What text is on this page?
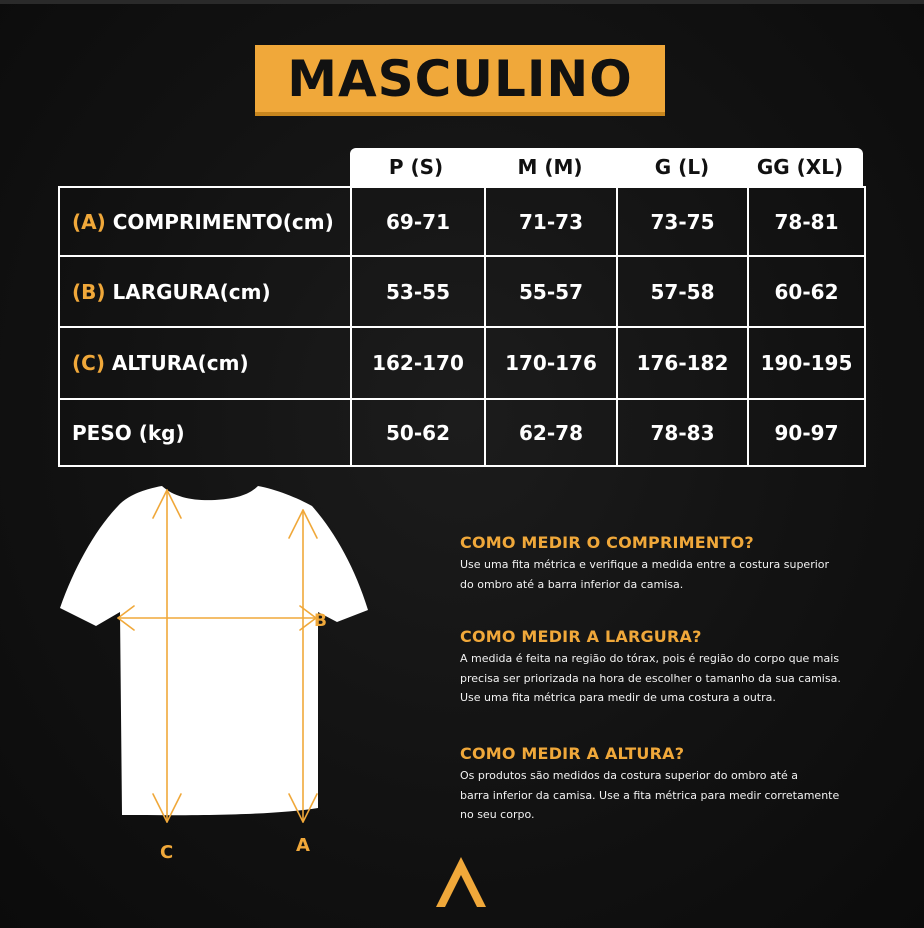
MASCULINO
P (S)	M (M)	G (L)	GG (XL)
(A) COMPRIMENTO(cm)	69-71	71-73	73-75	78-81
(B) LARGURA(cm)	53-55	55-57	57-58	60-62
(C) ALTURA(cm)	162-170	170-176	176-182	190-195
PESO (kg)	50-62	62-78	78-83	90-97
B
A
C
COMO MEDIR O COMPRIMENTO?

Use uma fita métrica e verifique a medida entre a costura superior
do ombro até a barra inferior da camisa.

COMO MEDIR A LARGURA?

A medida é feita na região do tórax, pois é região do corpo que mais
precisa ser priorizada na hora de escolher o tamanho da sua camisa.
Use uma fita métrica para medir de uma costura a outra.

COMO MEDIR A ALTURA?

Os produtos são medidos da costura superior do ombro até a
barra inferior da camisa. Use a fita métrica para medir corretamente
no seu corpo.
